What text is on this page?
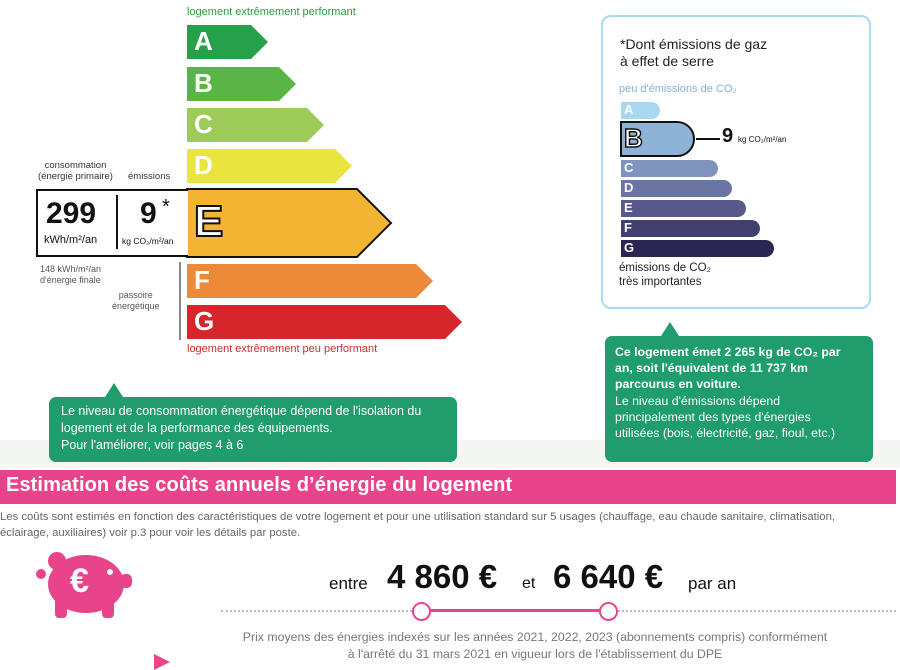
logement extrêmement performant
A
B
C
D
E
F
G
logement extrêmement peu performant
consommation
(énergie primaire) émissions
299
kWh/m²/an
9 *
kg CO₂/m²/an
148 kWh/m²/an
d'énergie finale
passoire
énergétique
*Dont émissions de gaz
à effet de serre
peu d'émissions de CO₂
A
B
C
D
E
F
G
9 kg CO₂/m²/an
émissions de CO₂
très importantes
Le niveau de consommation énergétique dépend de l'isolation du
logement et de la performance des équipements.
Pour l'améliorer, voir pages 4 à 6
Ce logement émet 2 265 kg de CO₂ par
an, soit l'équivalent de 11 737 km
parcourus en voiture.
Le niveau d'émissions dépend
principalement des types d'énergies
utilisées (bois, électricité, gaz, fioul, etc.)
Estimation des coûts annuels d’énergie du logement
Les coûts sont estimés en fonction des caractéristiques de votre logement et pour une utilisation standard sur 5 usages (chauffage, eau chaude sanitaire, climatisation,
éclairage, auxiliaires) voir p.3 pour voir les détails par poste.
€	entre 4 860 € et 6 640 € par an
Prix moyens des énergies indexés sur les années 2021, 2022, 2023 (abonnements compris) conformément
à l'arrêté du 31 mars 2021 en vigueur lors de l'établissement du DPE
